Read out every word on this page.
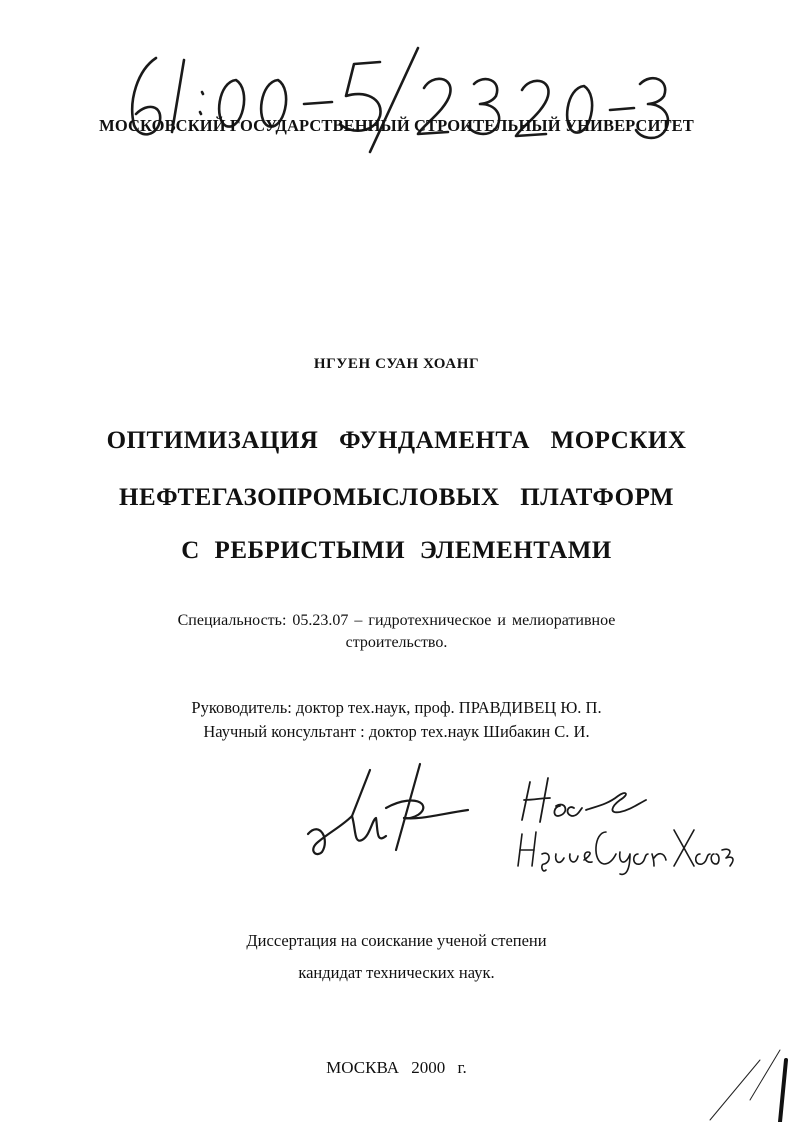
МОСКОВСКИЙ ГОСУДАРСТВЕННЫЙ СТРОИТЕЛЬНЫЙ УНИВЕРСИТЕТ
НГУЕН СУАН ХОАНГ
ОПТИМИЗАЦИЯ ФУНДАМЕНТА МОРСКИХ
НЕФТЕГАЗОПРОМЫСЛОВЫХ ПЛАТФОРМ
С РЕБРИСТЫМИ ЭЛЕМЕНТАМИ
Специальность: 05.23.07 – гидротехническое и мелиоративное
строительство.
Руководитель: доктор тех.наук, проф. ПРАВДИВЕЦ Ю. П.
Научный консультант : доктор тех.наук Шибакин С. И.
Диссертация на соискание ученой степени
кандидат технических наук.
МОСКВА 2000 г.
